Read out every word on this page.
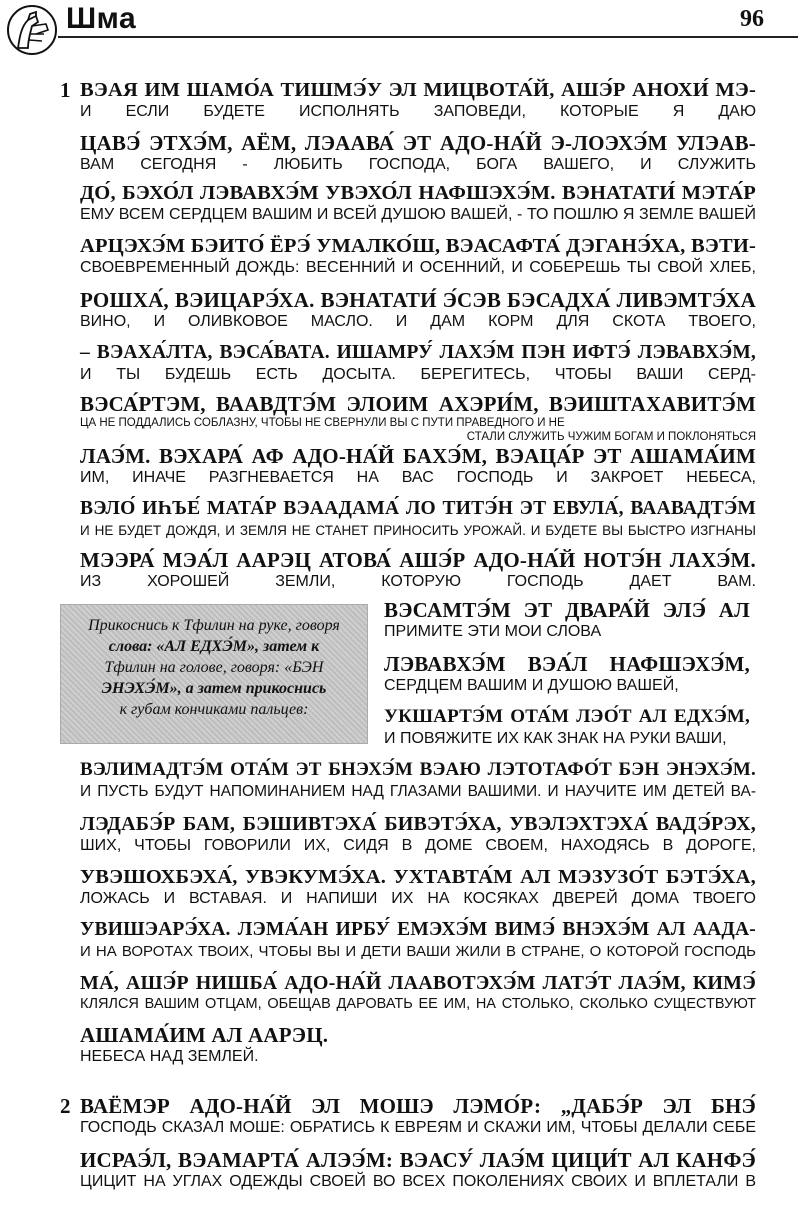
Шма	96
1 ВЭАЯ ИМ ШАМО́А ТИШМЭ́У ЭЛ МИЦВОТА́Й, АШЭ́Р АНОХИ́ МЭ-
И ЕСЛИ БУДЕТЕ ИСПОЛНЯТЬ ЗАПОВЕДИ, КОТОРЫЕ Я ДАЮ
ЦАВЭ́ ЭТХЭ́М, АЁМ, ЛЭААВА́ ЭТ АДО-НА́Й Э-ЛОЭХЭ́М УЛЭАВ-
ВАМ СЕГОДНЯ - ЛЮБИТЬ ГОСПОДА, БОГА ВАШЕГО, И СЛУЖИТЬ
ДО́, БЭХО́Л ЛЭВАВХЭ́М УВЭХО́Л НАФШЭХЭ́М. ВЭНАТАТИ́ МЭТА́Р
ЕМУ ВСЕМ СЕРДЦЕМ ВАШИМ И ВСЕЙ ДУШОЮ ВАШЕЙ, - ТО ПОШЛЮ Я ЗЕМЛЕ ВАШЕЙ
АРЦЭХЭ́М БЭИТО́ ЁРЭ́ УМАЛКО́Ш, ВЭАСАФТА́ ДЭГАНЭ́ХА, ВЭТИ-
СВОЕВРЕМЕННЫЙ ДОЖДЬ: ВЕСЕННИЙ И ОСЕННИЙ, И СОБЕРЕШЬ ТЫ СВОЙ ХЛЕБ,
РОШХА́, ВЭИЦАРЭ́ХА. ВЭНАТАТИ́ Э́СЭВ БЭСАДХА́ ЛИВЭМТЭ́ХА
ВИНО, И ОЛИВКОВОЕ МАСЛО. И ДАМ КОРМ ДЛЯ СКОТА ТВОЕГО,
– ВЭАХА́ЛТА, ВЭСА́ВАТА. ИШАМРУ́ ЛАХЭ́М ПЭН ИФТЭ́ ЛЭВАВХЭ́М,
И ТЫ БУДЕШЬ ЕСТЬ ДОСЫТА. БЕРЕГИТЕСЬ, ЧТОБЫ ВАШИ СЕРД-
ВЭСА́РТЭМ, ВААВДТЭ́М ЭЛОИМ АХЭРИ́М, ВЭИШТАХАВИТЭ́М
ЦА НЕ ПОДДАЛИСЬ СОБЛАЗНУ, ЧТОБЫ НЕ СВЕРНУЛИ ВЫ С ПУТИ ПРАВЕДНОГО И НЕ
СТАЛИ СЛУЖИТЬ ЧУЖИМ БОГАМ И ПОКЛОНЯТЬСЯ
ЛАЭ́М. ВЭХАРА́ АФ АДО-НА́Й БАХЭ́М, ВЭАЦА́Р ЭТ АШАМА́ИМ
ИМ, ИНАЧЕ РАЗГНЕВАЕТСЯ НА ВАС ГОСПОДЬ И ЗАКРОЕТ НЕБЕСА,
ВЭЛО́ ИҺЪЕ́ МАТА́Р ВЭААДАМА́ ЛО ТИТЭ́Н ЭТ ЕВУЛА́, ВААВАДТЭ́М
И НЕ БУДЕТ ДОЖДЯ, И ЗЕМЛЯ НЕ СТАНЕТ ПРИНОСИТЬ УРОЖАЙ. И БУДЕТЕ ВЫ БЫСТРО ИЗГНАНЫ
МЭЭРА́ МЭА́Л ААРЭЦ АТОВА́ АШЭ́Р АДО-НА́Й НОТЭ́Н ЛАХЭ́М.
ИЗ ХОРОШЕЙ ЗЕМЛИ, КОТОРУЮ ГОСПОДЬ ДАЕТ ВАМ.

Прикоснись к Тфилин на руке, говоря
слова: «АЛ ЕДХЭ́М», затем к
Тфилин на голове, говоря: «БЭН
ЭНЭХЭ́М», а затем прикоснись
к губам кончиками пальцев:

ВЭСАМТЭ́М ЭТ ДВАРА́Й ЭЛЭ́ АЛ
ПРИМИТЕ ЭТИ МОИ СЛОВА
ЛЭВАВХЭ́М ВЭА́Л НАФШЭХЭ́М,
СЕРДЦЕМ ВАШИМ И ДУШОЮ ВАШЕЙ,
УКШАРТЭ́М ОТА́М ЛЭО́Т АЛ ЕДХЭ́М,
И ПОВЯЖИТЕ ИХ КАК ЗНАК НА РУКИ ВАШИ,
ВЭЛИМАДТЭ́М ОТА́М ЭТ БНЭХЭ́М ВЭАЮ ЛЭТОТАФО́Т БЭН ЭНЭХЭ́М.
И ПУСТЬ БУДУТ НАПОМИНАНИЕМ НАД ГЛАЗАМИ ВАШИМИ. И НАУЧИТЕ ИМ ДЕТЕЙ ВА-
ЛЭДАБЭ́Р БАМ, БЭШИВТЭХА́ БИВЭТЭ́ХА, УВЭЛЭХТЭХА́ ВАДЭ́РЭХ,
ШИХ, ЧТОБЫ ГОВОРИЛИ ИХ, СИДЯ В ДОМЕ СВОЕМ, НАХОДЯСЬ В ДОРОГЕ,
УВЭШОХБЭХА́, УВЭКУМЭ́ХА. УХТАВТА́М АЛ МЭЗУЗО́Т БЭТЭ́ХА,
ЛОЖАСЬ И ВСТАВАЯ. И НАПИШИ ИХ НА КОСЯКАХ ДВЕРЕЙ ДОМА ТВОЕГО
УВИШЭАРЭ́ХА. ЛЭМА́АН ИРБУ́ ЕМЭХЭ́М ВИМЭ́ ВНЭХЭ́М АЛ ААДА-
И НА ВОРОТАХ ТВОИХ, ЧТОБЫ ВЫ И ДЕТИ ВАШИ ЖИЛИ В СТРАНЕ, О КОТОРОЙ ГОСПОДЬ
МА́, АШЭ́Р НИШБА́ АДО-НА́Й ЛААВОТЭХЭ́М ЛАТЭ́Т ЛАЭ́М, КИМЭ́
КЛЯЛСЯ ВАШИМ ОТЦАМ, ОБЕЩАВ ДАРОВАТЬ ЕЕ ИМ, НА СТОЛЬКО, СКОЛЬКО СУЩЕСТВУЮТ
АШАМА́ИМ АЛ ААРЭЦ.
НЕБЕСА НАД ЗЕМЛЕЙ.
2 ВАЁМЭР АДО-НА́Й ЭЛ МОШЭ ЛЭМО́Р: „ДАБЭ́Р ЭЛ БНЭ́
ГОСПОДЬ СКАЗАЛ МОШЕ: ОБРАТИСЬ К ЕВРЕЯМ И СКАЖИ ИМ, ЧТОБЫ ДЕЛАЛИ СЕБЕ
ИСРАЭ́Л, ВЭАМАРТА́ АЛЭЭ́М: ВЭАСУ́ ЛАЭ́М ЦИЦИ́Т АЛ КАНФЭ́
ЦИЦИТ НА УГЛАХ ОДЕЖДЫ СВОЕЙ ВО ВСЕХ ПОКОЛЕНИЯХ СВОИХ И ВПЛЕТАЛИ В
